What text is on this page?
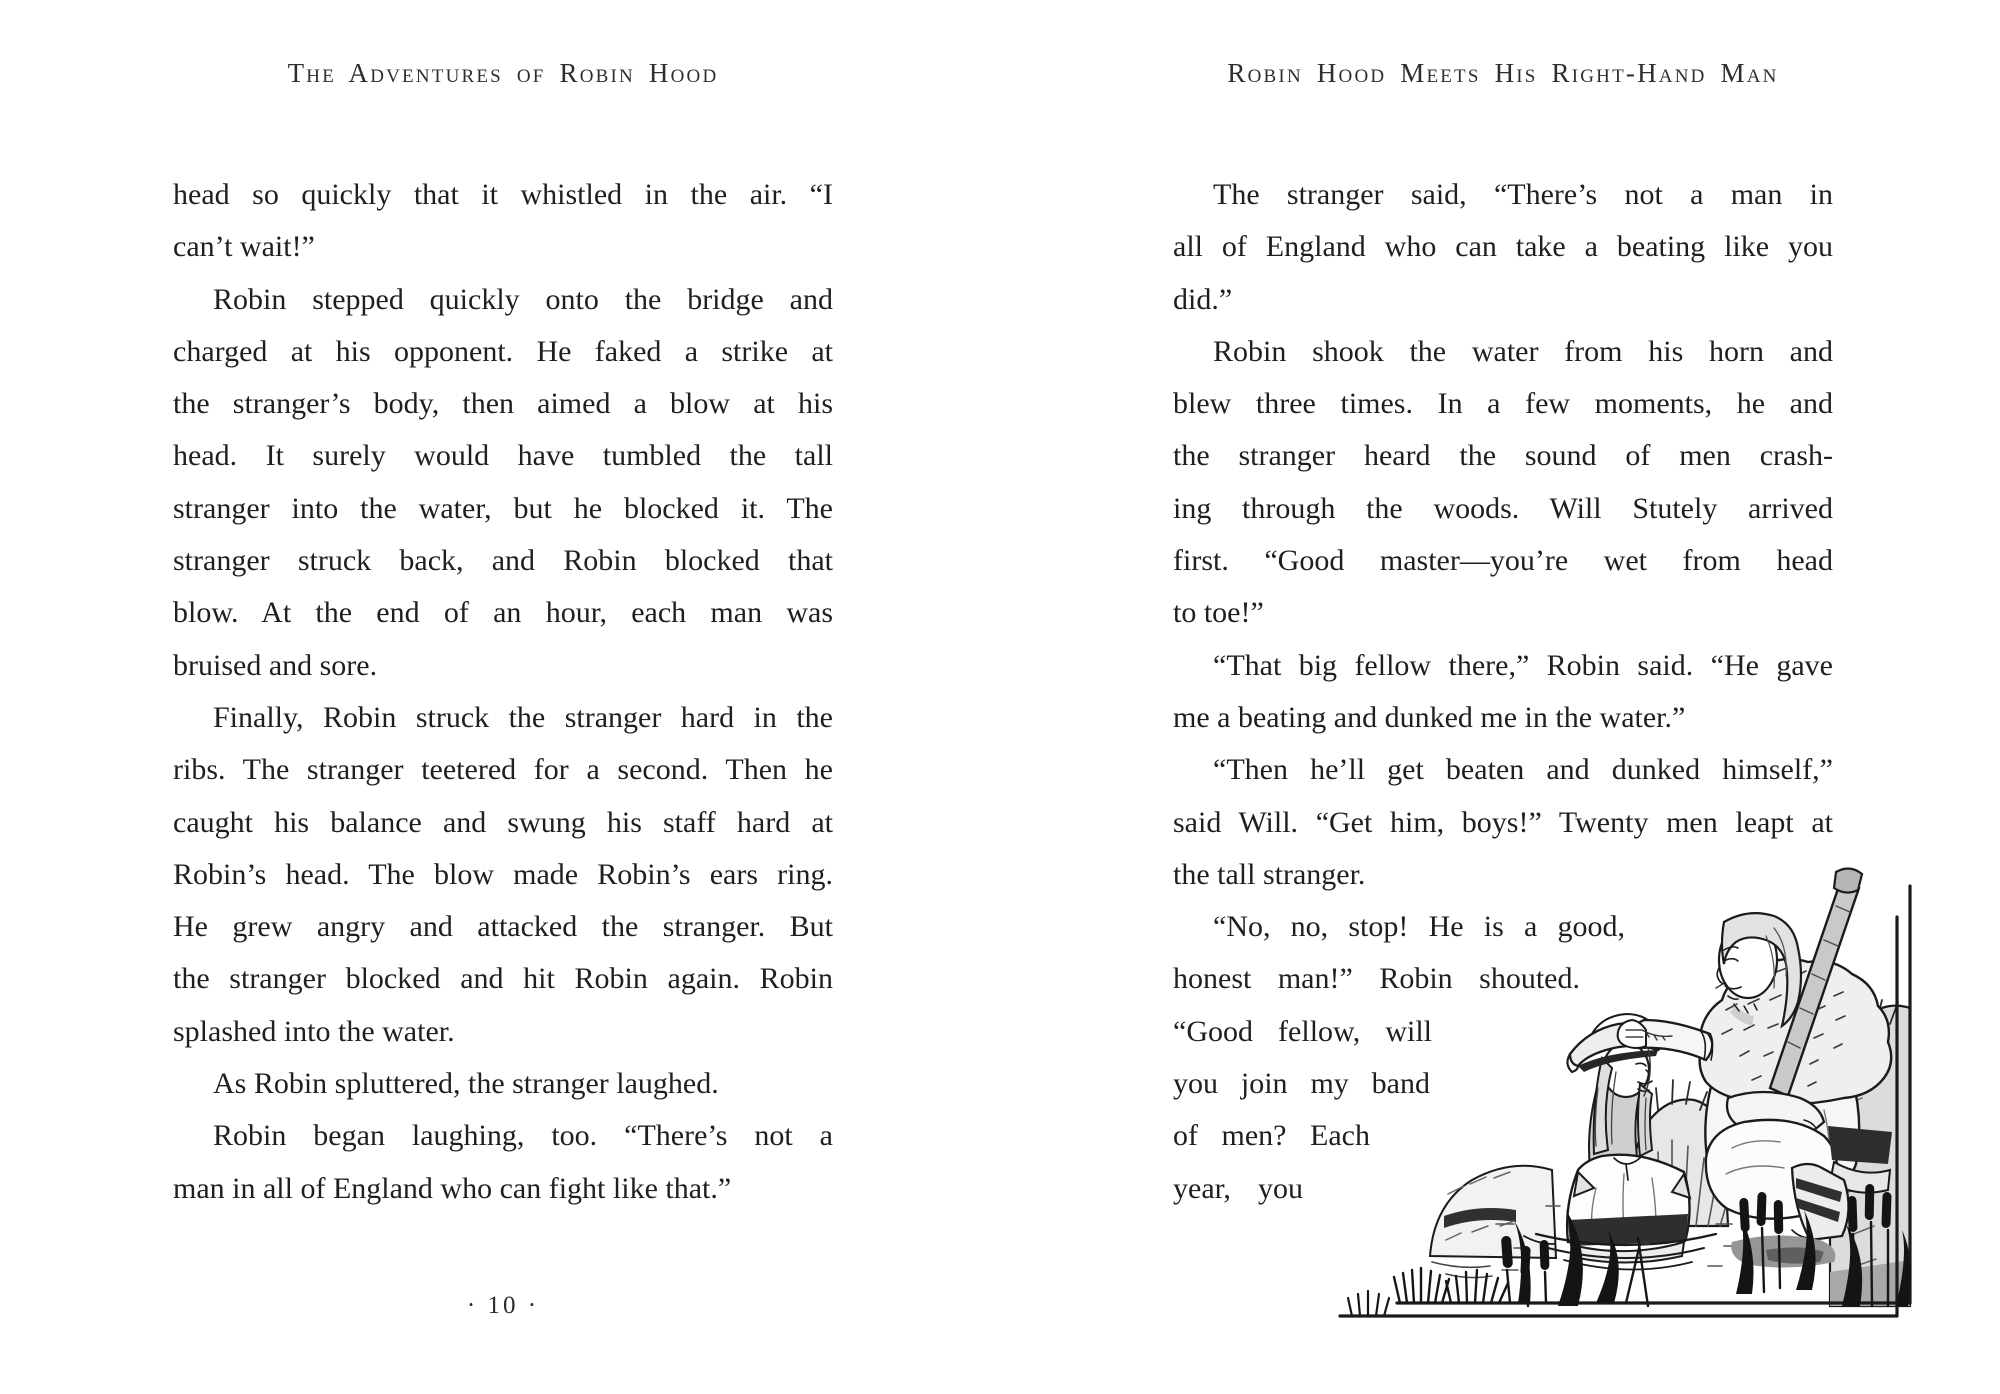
The Adventures of Robin Hood
head so quickly that it whistled in the air. “I
can’t wait!”
Robin stepped quickly onto the bridge and
charged at his opponent. He faked a strike at
the stranger’s body, then aimed a blow at his
head. It surely would have tumbled the tall
stranger into the water, but he blocked it. The
stranger struck back, and Robin blocked that
blow. At the end of an hour, each man was
bruised and sore.
Finally, Robin struck the stranger hard in the
ribs. The stranger teetered for a second. Then he
caught his balance and swung his staff hard at
Robin’s head. The blow made Robin’s ears ring.
He grew angry and attacked the stranger. But
the stranger blocked and hit Robin again. Robin
splashed into the water.
As Robin spluttered, the stranger laughed.
Robin began laughing, too. “There’s not a
man in all of England who can fight like that.”
· 10 ·
Robin Hood Meets His Right-Hand Man
The stranger said, “There’s not a man in
all of England who can take a beating like you
did.”
Robin shook the water from his horn and
blew three times. In a few moments, he and
the stranger heard the sound of men crash-
ing through the woods. Will Stutely arrived
first. “Good master—you’re wet from head
to toe!”
“That big fellow there,” Robin said. “He gave
me a beating and dunked me in the water.”
“Then he’ll get beaten and dunked himself,”
said Will. “Get him, boys!” Twenty men leapt at
the tall stranger.
“No, no, stop! He is a good,
honest man!” Robin shouted.
“Good fellow, will
you join my band
of men? Each
year, you
